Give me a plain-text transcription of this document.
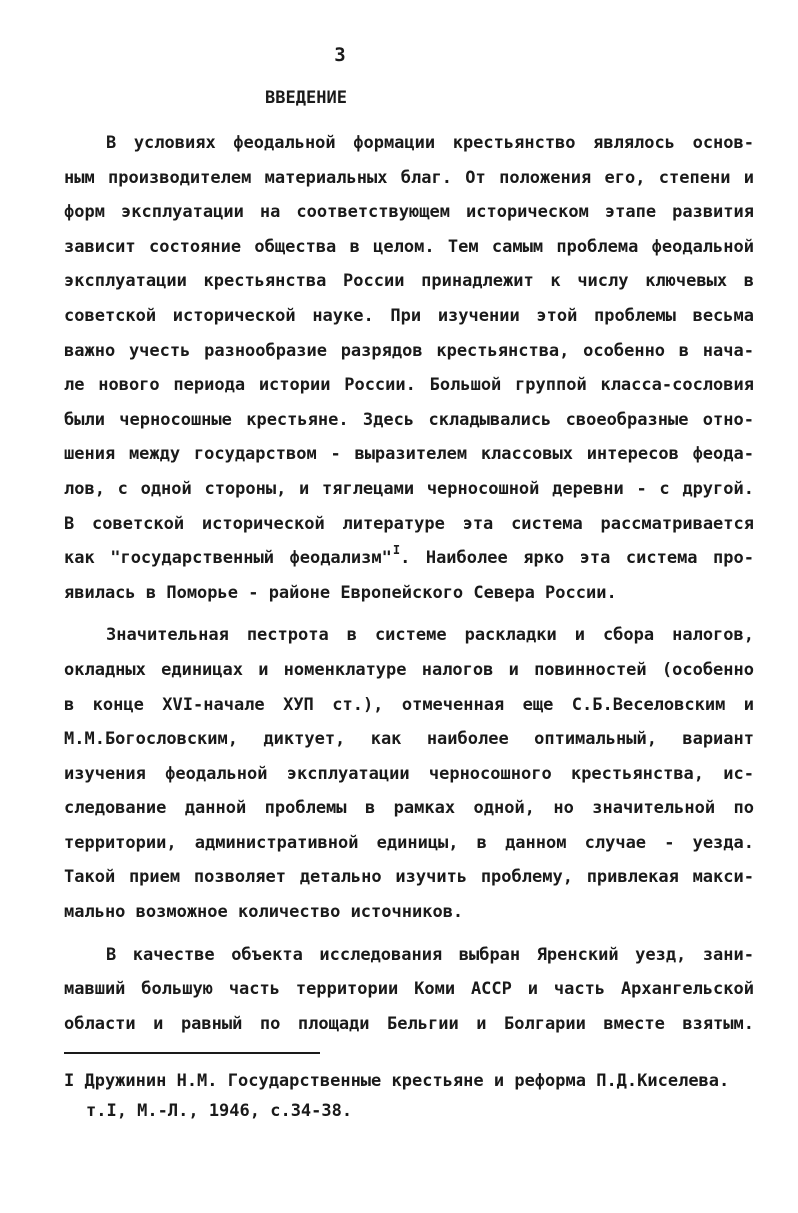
3
ВВЕДЕНИЕ
В условиях феодальной формации крестьянство являлось основ-
ным производителем материальных благ. От положения его, степени и
форм эксплуатации на соответствующем историческом этапе развития
зависит состояние общества в целом. Тем самым проблема феодальной
эксплуатации крестьянства России принадлежит к числу ключевых в
советской исторической науке. При изучении этой проблемы весьма
важно учесть разнообразие разрядов крестьянства, особенно в нача-
ле нового периода истории России. Большой группой класса-сословия
были черносошные крестьяне. Здесь складывались своеобразные отно-
шения между государством - выразителем классовых интересов феода-
лов, с одной стороны, и тяглецами черносошной деревни - с другой.
В советской исторической литературе эта система рассматривается
как "государственный феодализм"$^I$. Наиболее ярко эта система про-
явилась в Поморье - районе Европейского Севера России.
Значительная пестрота в системе раскладки и сбора налогов,
окладных единицах и номенклатуре налогов и повинностей (особенно
в конце ХVI-начале ХУП ст.), отмеченная еще С.Б.Веселовским и
М.М.Богословским, диктует, как наиболее оптимальный, вариант
изучения феодальной эксплуатации черносошного крестьянства, ис-
следование данной проблемы в рамках одной, но значительной по
территории, административной единицы, в данном случае - уезда.
Такой прием позволяет детально изучить проблему, привлекая макси-
мально возможное количество источников.
В качестве объекта исследования выбран Яренский уезд, зани-
мавший большую часть территории Коми АССР и часть Архангельской
области и равный по площади Бельгии и Болгарии вместе взятым.
I Дружинин Н.М. Государственные крестьяне и реформа П.Д.Киселева.
т.I, М.-Л., 1946, с.34-38.
